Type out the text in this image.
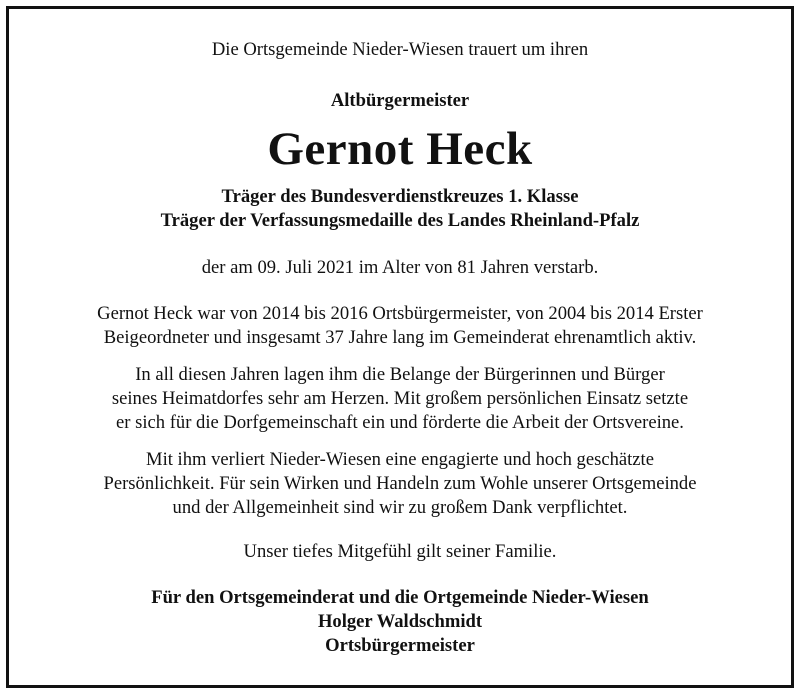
Die Ortsgemeinde Nieder-Wiesen trauert um ihren
Altbürgermeister
Gernot Heck
Träger des Bundesverdienstkreuzes 1. Klasse
Träger der Verfassungsmedaille des Landes Rheinland-Pfalz
der am 09. Juli 2021 im Alter von 81 Jahren verstarb.
Gernot Heck war von 2014 bis 2016 Ortsbürgermeister, von 2004 bis 2014 Erster
Beigeordneter und insgesamt 37 Jahre lang im Gemeinderat ehrenamtlich aktiv.
In all diesen Jahren lagen ihm die Belange der Bürgerinnen und Bürger
seines Heimatdorfes sehr am Herzen. Mit großem persönlichen Einsatz setzte
er sich für die Dorfgemeinschaft ein und förderte die Arbeit der Ortsvereine.
Mit ihm verliert Nieder-Wiesen eine engagierte und hoch geschätzte
Persönlichkeit. Für sein Wirken und Handeln zum Wohle unserer Ortsgemeinde
und der Allgemeinheit sind wir zu großem Dank verpflichtet.
Unser tiefes Mitgefühl gilt seiner Familie.
Für den Ortsgemeinderat und die Ortgemeinde Nieder-Wiesen
Holger Waldschmidt
Ortsbürgermeister
